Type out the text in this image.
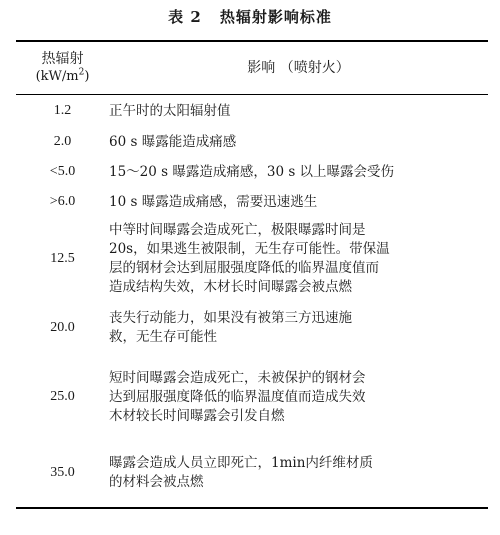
表 2 热辐射影响标准
热辐射
$(kW/m^2)$	影响 （喷射火）
1.2	正午时的太阳辐射值

2.0	60 s 曝露能造成痛感

<5.0	15～20 s 曝露造成痛感，30 s 以上曝露会受伤

>6.0	10 s 曝露造成痛感，需要迅速逃生

12.5	中等时间曝露会造成死亡，极限曝露时间是
20s，如果逃生被限制，无生存可能性。带保温
层的钢材会达到屈服强度降低的临界温度值而
造成结构失效，木材长时间曝露会被点燃

20.0	丧失行动能力，如果没有被第三方迅速施
救，无生存可能性

25.0	短时间曝露会造成死亡，未被保护的钢材会
达到屈服强度降低的临界温度值而造成失效
木材较长时间曝露会引发自燃

35.0	曝露会造成人员立即死亡，1min内纤维材质
的材料会被点燃
